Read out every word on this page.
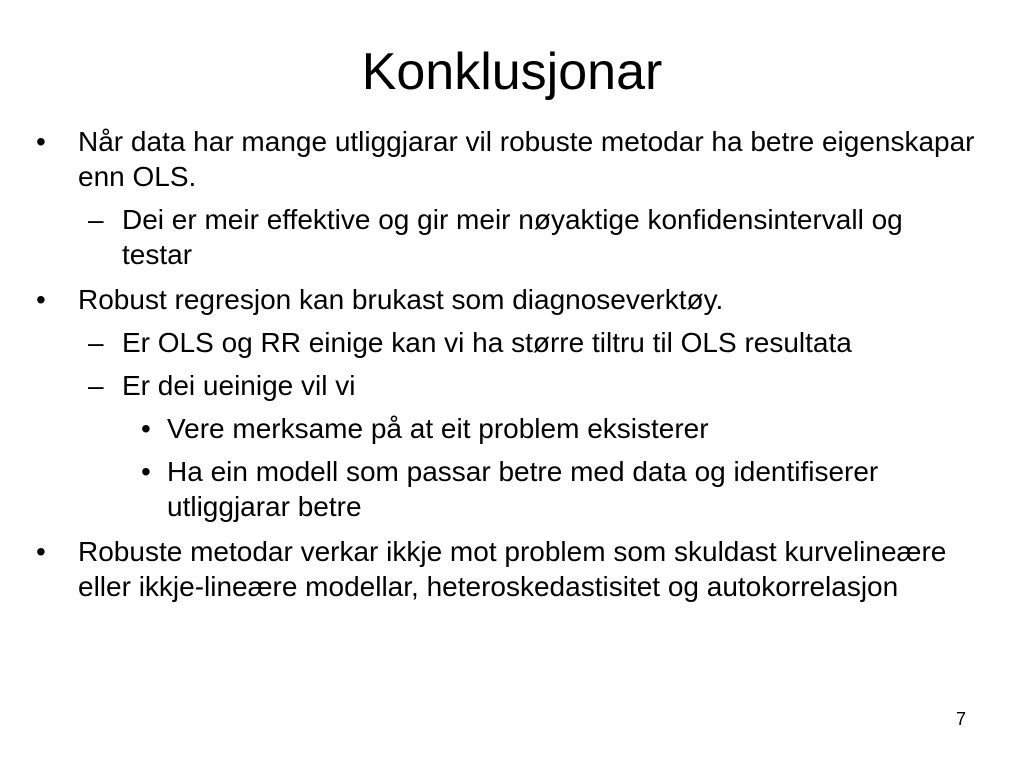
Konklusjonar
• Når data har mange utliggjarar vil robuste metodar ha betre eigenskapar enn OLS.
– Dei er meir effektive og gir meir nøyaktige konfidensintervall og testar
• Robust regresjon kan brukast som diagnoseverktøy.
– Er OLS og RR einige kan vi ha større tiltru til OLS resultata
– Er dei ueinige vil vi
• Vere merksame på at eit problem eksisterer
• Ha ein modell som passar betre med data og identifiserer utliggjarar betre
• Robuste metodar verkar ikkje mot problem som skuldast kurvelineære eller ikkje-lineære modellar, heteroskedastisitet og autokorrelasjon
7
